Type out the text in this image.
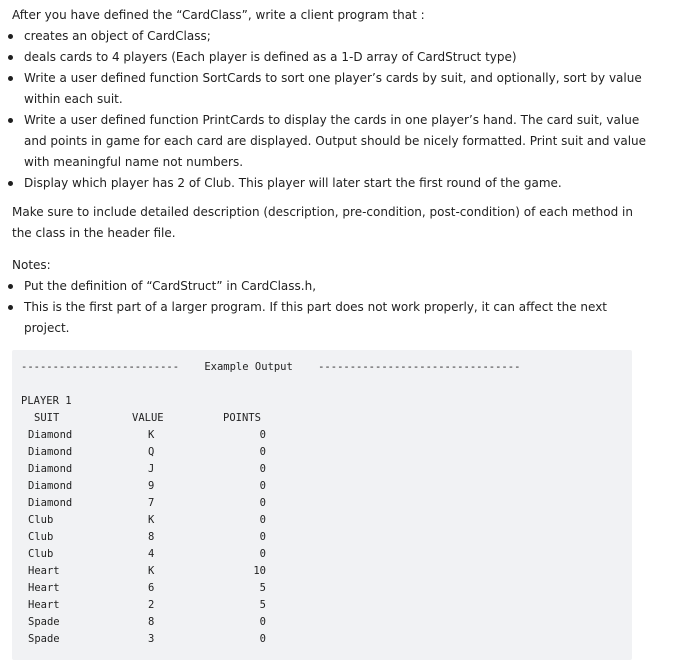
After you have defined the “CardClass”, write a client program that :

creates an object of CardClass;
deals cards to 4 players (Each player is defined as a 1-D array of CardStruct type)
Write a user defined function SortCards to sort one player’s cards by suit, and optionally, sort by value within each suit.
Write a user defined function PrintCards to display the cards in one player’s hand. The card suit, value and points in game for each card are displayed. Output should be nicely formatted. Print suit and value with meaningful name not numbers.
Display which player has 2 of Club. This player will later start the first round of the game.

Make sure to include detailed description (description, pre-condition, post-condition) of each method in the class in the header file.

Notes:

Put the definition of “CardStruct” in CardClass.h,
This is the first part of a larger program. If this part does not work properly, it can affect the next project.
-------------------------    Example Output    --------------------------------
PLAYER 1
SUIT	VALUE	POINTS
Diamond	K	0
Diamond	Q	0
Diamond	J	0
Diamond	9	0
Diamond	7	0
Club	K	0
Club	8	0
Club	4	0
Heart	K	10
Heart	6	5
Heart	2	5
Spade	8	0
Spade	3	0
